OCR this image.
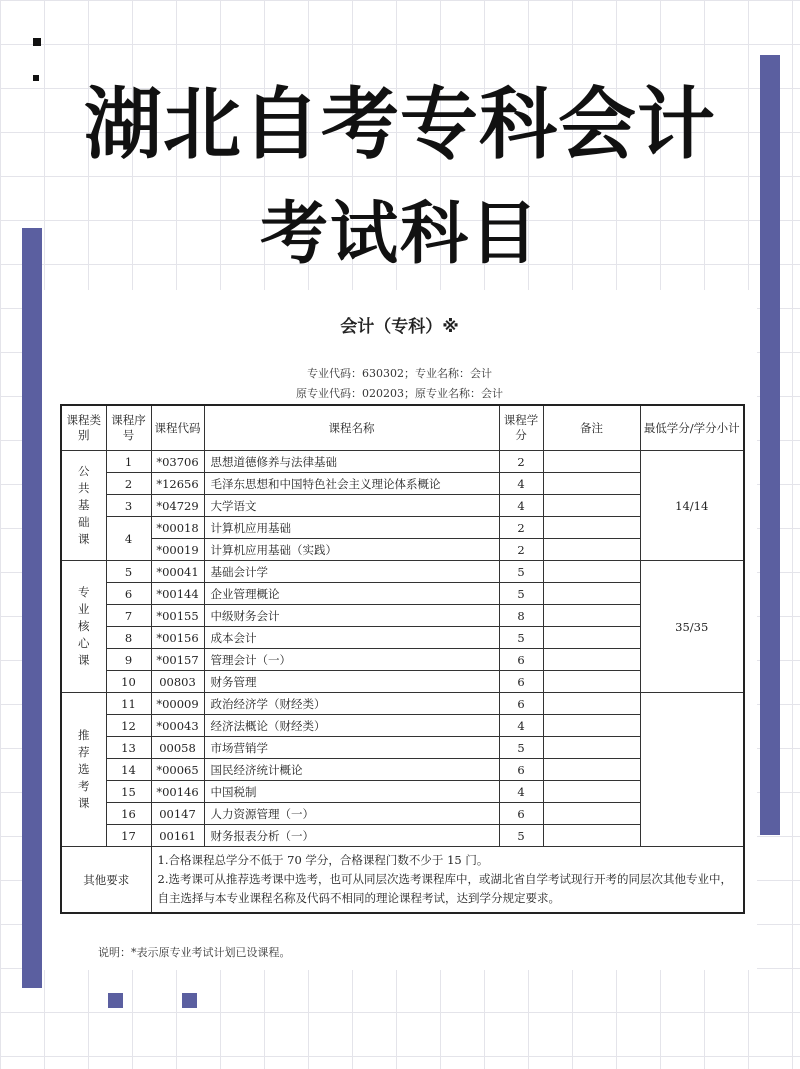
湖北自考专科会计
考试科目
会计（专科）※
专业代码：630302；专业名称：会计
原专业代码：020203；原专业名称：会计
课程类别	课程序号	课程代码	课程名称	课程学分	备注	最低学分/学分小计

公共基础课	1	*03706	思想道德修养与法律基础	2		14/14
	2	*12656	毛泽东思想和中国特色社会主义理论体系概论	4		
	3	*04729	大学语文	4		
	4	*00018	计算机应用基础	2		
		*00019	计算机应用基础（实践）	2		

专业核心课	5	*00041	基础会计学	5		35/35
	6	*00144	企业管理概论	5		
	7	*00155	中级财务会计	8		
	8	*00156	成本会计	5		
	9	*00157	管理会计（一）	6		
	10	00803	财务管理	6		

推荐选考课	11	*00009	政治经济学（财经类）	6		
	12	*00043	经济法概论（财经类）	4		
	13	00058	市场营销学	5		
	14	*00065	国民经济统计概论	6		
	15	*00146	中国税制	4		
	16	00147	人力资源管理（一）	6		
	17	00161	财务报表分析（一）	5		
其他要求		1.合格课程总学分不低于 70 学分，合格课程门数不少于 15 门。
2.选考课可从推荐选考课中选考，也可从同层次选考课程库中，或湖北省自学考试现行开考的同层次其他专业中，自主选择与本专业课程名称及代码不相同的理论课程考试，达到学分规定要求。				
说明：*表示原专业考试计划已设课程。
